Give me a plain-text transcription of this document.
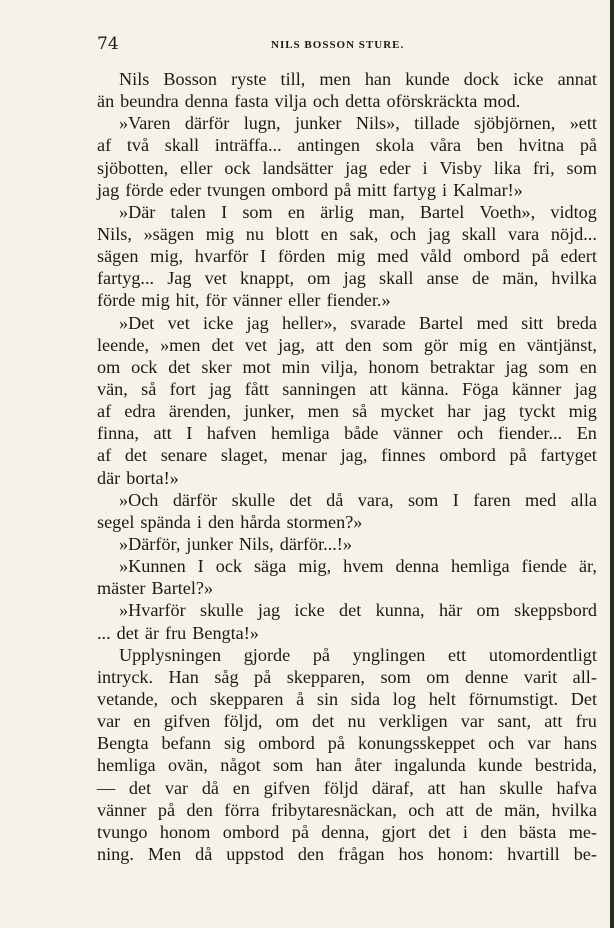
74	NILS BOSSON STURE.
Nils Bosson ryste till, men han kunde dock icke annat
än beundra denna fasta vilja och detta oförskräckta mod.
»Varen därför lugn, junker Nils», tillade sjöbjörnen, »ett
af två skall inträffa... antingen skola våra ben hvitna på
sjöbotten, eller ock landsätter jag eder i Visby lika fri, som
jag förde eder tvungen ombord på mitt fartyg i Kalmar!»
»Där talen I som en ärlig man, Bartel Voeth», vidtog
Nils, »sägen mig nu blott en sak, och jag skall vara nöjd...
sägen mig, hvarför I förden mig med våld ombord på edert
fartyg... Jag vet knappt, om jag skall anse de män, hvilka
förde mig hit, för vänner eller fiender.»
»Det vet icke jag heller», svarade Bartel med sitt breda
leende, »men det vet jag, att den som gör mig en väntjänst,
om ock det sker mot min vilja, honom betraktar jag som en
vän, så fort jag fått sanningen att känna. Föga känner jag
af edra ärenden, junker, men så mycket har jag tyckt mig
finna, att I hafven hemliga både vänner och fiender... En
af det senare slaget, menar jag, finnes ombord på fartyget
där borta!»
»Och därför skulle det då vara, som I faren med alla
segel spända i den hårda stormen?»
»Därför, junker Nils, därför...!»
»Kunnen I ock säga mig, hvem denna hemliga fiende är,
mäster Bartel?»
»Hvarför skulle jag icke det kunna, här om skeppsbord
... det är fru Bengta!»
Upplysningen gjorde på ynglingen ett utomordentligt
intryck. Han såg på skepparen, som om denne varit all-
vetande, och skepparen å sin sida log helt förnumstigt. Det
var en gifven följd, om det nu verkligen var sant, att fru
Bengta befann sig ombord på konungsskeppet och var hans
hemliga ovän, något som han åter ingalunda kunde bestrida,
— det var då en gifven följd däraf, att han skulle hafva
vänner på den förra fribytaresnäckan, och att de män, hvilka
tvungo honom ombord på denna, gjort det i den bästa me-
ning. Men då uppstod den frågan hos honom: hvartill be-
